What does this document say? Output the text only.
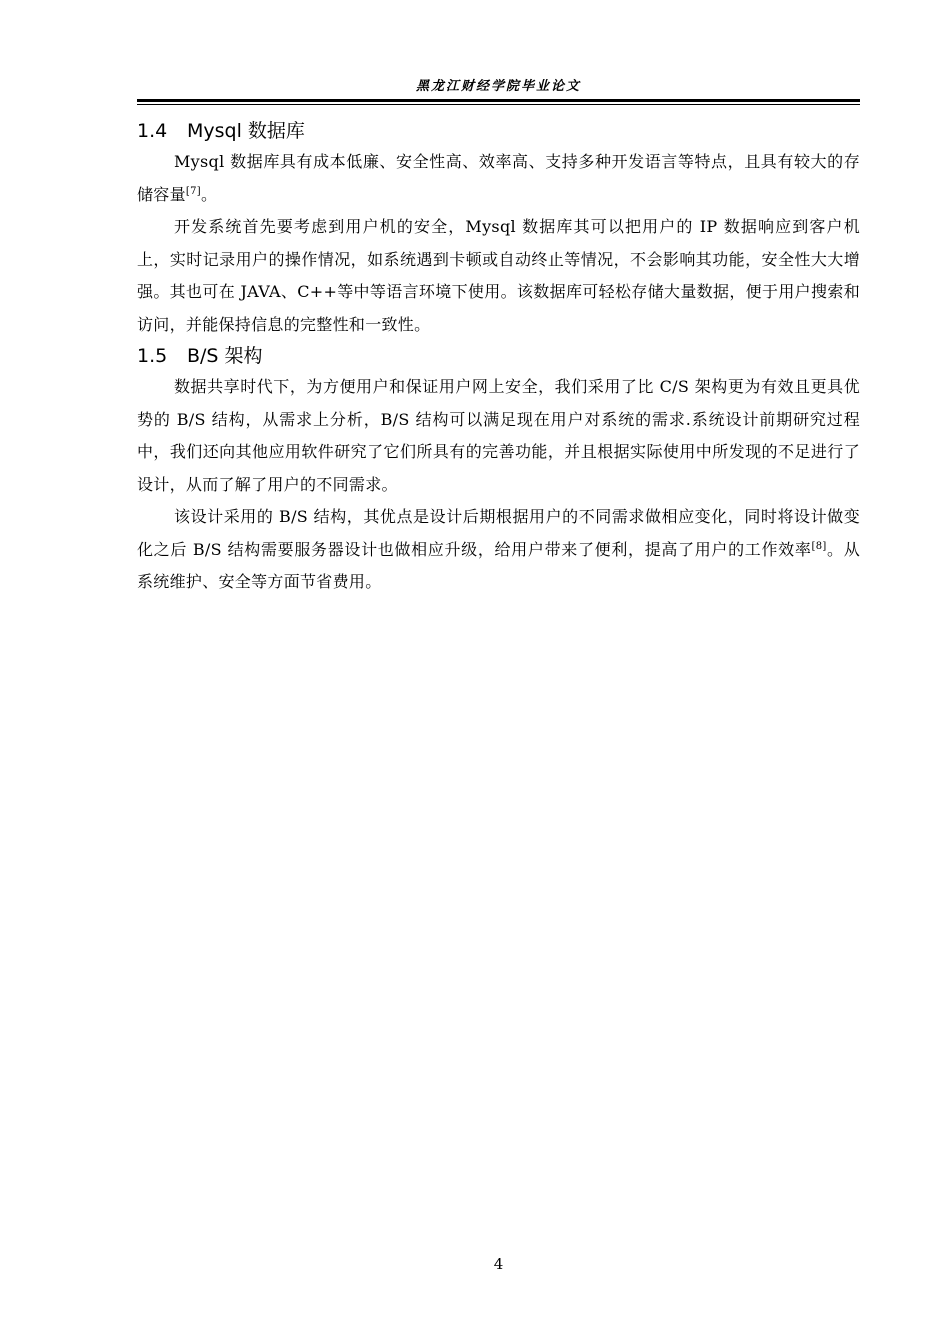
黑龙江财经学院毕业论文
1.4 Mysql 数据库

Mysql 数据库具有成本低廉、安全性高、效率高、支持多种开发语言等特点，且具有较大的存储容量[7]。

开发系统首先要考虑到用户机的安全，Mysql 数据库其可以把用户的 IP 数据响应到客户机上，实时记录用户的操作情况，如系统遇到卡顿或自动终止等情况，不会影响其功能，安全性大大增强。其也可在 JAVA、C++等中等语言环境下使用。该数据库可轻松存储大量数据，便于用户搜索和访问，并能保持信息的完整性和一致性。

1.5 B/S 架构

数据共享时代下，为方便用户和保证用户网上安全，我们采用了比 C/S 架构更为有效且更具优势的 B/S 结构，从需求上分析，B/S 结构可以满足现在用户对系统的需求.系统设计前期研究过程中，我们还向其他应用软件研究了它们所具有的完善功能，并且根据实际使用中所发现的不足进行了设计，从而了解了用户的不同需求。

该设计采用的 B/S 结构，其优点是设计后期根据用户的不同需求做相应变化，同时将设计做变化之后 B/S 结构需要服务器设计也做相应升级，给用户带来了便利，提高了用户的工作效率[8]。从系统维护、安全等方面节省费用。

4
